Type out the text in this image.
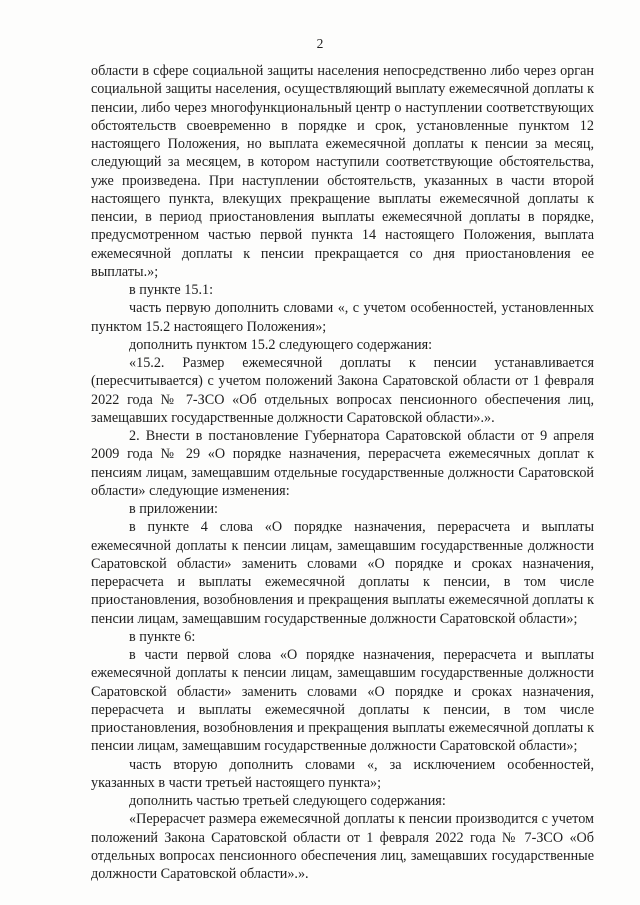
2

области в сфере социальной защиты населения непосредственно либо через орган социальной защиты населения, осуществляющий выплату ежемесячной доплаты к пенсии, либо через многофункциональный центр о наступлении соответствующих обстоятельств своевременно в порядке и срок, установленные пунктом 12 настоящего Положения, но выплата ежемесячной доплаты к пенсии за месяц, следующий за месяцем, в котором наступили соответствующие обстоятельства, уже произведена. При наступлении обстоятельств, указанных в части второй настоящего пункта, влекущих прекращение выплаты ежемесячной доплаты к пенсии, в период приостановления выплаты ежемесячной доплаты в порядке, предусмотренном частью первой пункта 14 настоящего Положения, выплата ежемесячной доплаты к пенсии прекращается со дня приостановления ее выплаты.»;

в пункте 15.1:

часть первую дополнить словами «, с учетом особенностей, установленных пунктом 15.2 настоящего Положения»;

дополнить пунктом 15.2 следующего содержания:

«15.2. Размер ежемесячной доплаты к пенсии устанавливается (пересчитывается) с учетом положений Закона Саратовской области от 1 февраля 2022 года № 7-ЗСО «Об отдельных вопросах пенсионного обеспечения лиц, замещавших государственные должности Саратовской области».».

2. Внести в постановление Губернатора Саратовской области от 9 апреля 2009 года № 29 «О порядке назначения, перерасчета ежемесячных доплат к пенсиям лицам, замещавшим отдельные государственные должности Саратовской области» следующие изменения:

в приложении:

в пункте 4 слова «О порядке назначения, перерасчета и выплаты ежемесячной доплаты к пенсии лицам, замещавшим государственные должности Саратовской области» заменить словами «О порядке и сроках назначения, перерасчета и выплаты ежемесячной доплаты к пенсии, в том числе приостановления, возобновления и прекращения выплаты ежемесячной доплаты к пенсии лицам, замещавшим государственные должности Саратовской области»;

в пункте 6:

в части первой слова «О порядке назначения, перерасчета и выплаты ежемесячной доплаты к пенсии лицам, замещавшим государственные должности Саратовской области» заменить словами «О порядке и сроках назначения, перерасчета и выплаты ежемесячной доплаты к пенсии, в том числе приостановления, возобновления и прекращения выплаты ежемесячной доплаты к пенсии лицам, замещавшим государственные должности Саратовской области»;

часть вторую дополнить словами «, за исключением особенностей, указанных в части третьей настоящего пункта»;

дополнить частью третьей следующего содержания:

«Перерасчет размера ежемесячной доплаты к пенсии производится с учетом положений Закона Саратовской области от 1 февраля 2022 года № 7-ЗСО «Об отдельных вопросах пенсионного обеспечения лиц, замещавших государственные должности Саратовской области».».
